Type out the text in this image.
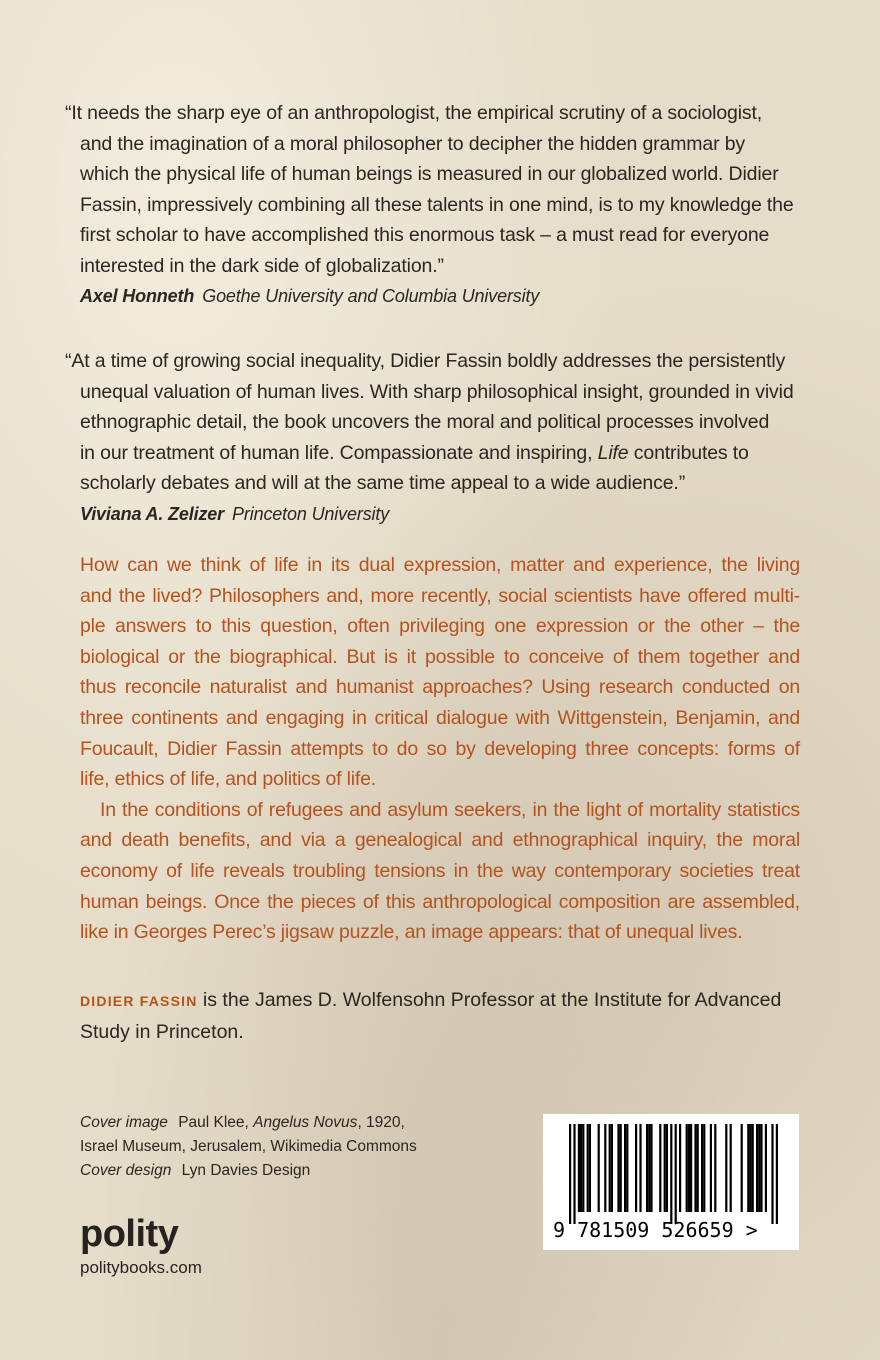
“It needs the sharp eye of an anthropologist, the empirical scrutiny of a sociologist,
and the imagination of a moral philosopher to decipher the hidden grammar by
which the physical life of human beings is measured in our globalized world. Didier
Fassin, impressively combining all these talents in one mind, is to my knowledge the
first scholar to have accomplished this enormous task – a must read for everyone
interested in the dark side of globalization.”
Axel Honneth Goethe University and Columbia University
“At a time of growing social inequality, Didier Fassin boldly addresses the persistently
unequal valuation of human lives. With sharp philosophical insight, grounded in vivid
ethnographic detail, the book uncovers the moral and political processes involved
in our treatment of human life. Compassionate and inspiring, Life contributes to
scholarly debates and will at the same time appeal to a wide audience.”
Viviana A. Zelizer Princeton University
How can we think of life in its dual expression, matter and experience, the living
and the lived? Philosophers and, more recently, social scientists have offered multi-
ple answers to this question, often privileging one expression or the other – the
biological or the biographical. But is it possible to conceive of them together and
thus reconcile naturalist and humanist approaches? Using research conducted on
three continents and engaging in critical dialogue with Wittgenstein, Benjamin, and
Foucault, Didier Fassin attempts to do so by developing three concepts: forms of
life, ethics of life, and politics of life.
In the conditions of refugees and asylum seekers, in the light of mortality statistics
and death benefits, and via a genealogical and ethnographical inquiry, the moral
economy of life reveals troubling tensions in the way contemporary societies treat
human beings. Once the pieces of this anthropological composition are assembled,
like in Georges Perec’s jigsaw puzzle, an image appears: that of unequal lives.
DIDIER FASSIN is the James D. Wolfensohn Professor at the Institute for Advanced
Study in Princeton.
Cover image Paul Klee, Angelus Novus, 1920,
Israel Museum, Jerusalem, Wikimedia Commons
Cover design Lyn Davies Design
polity
politybooks.com
9 781509 526659 >
